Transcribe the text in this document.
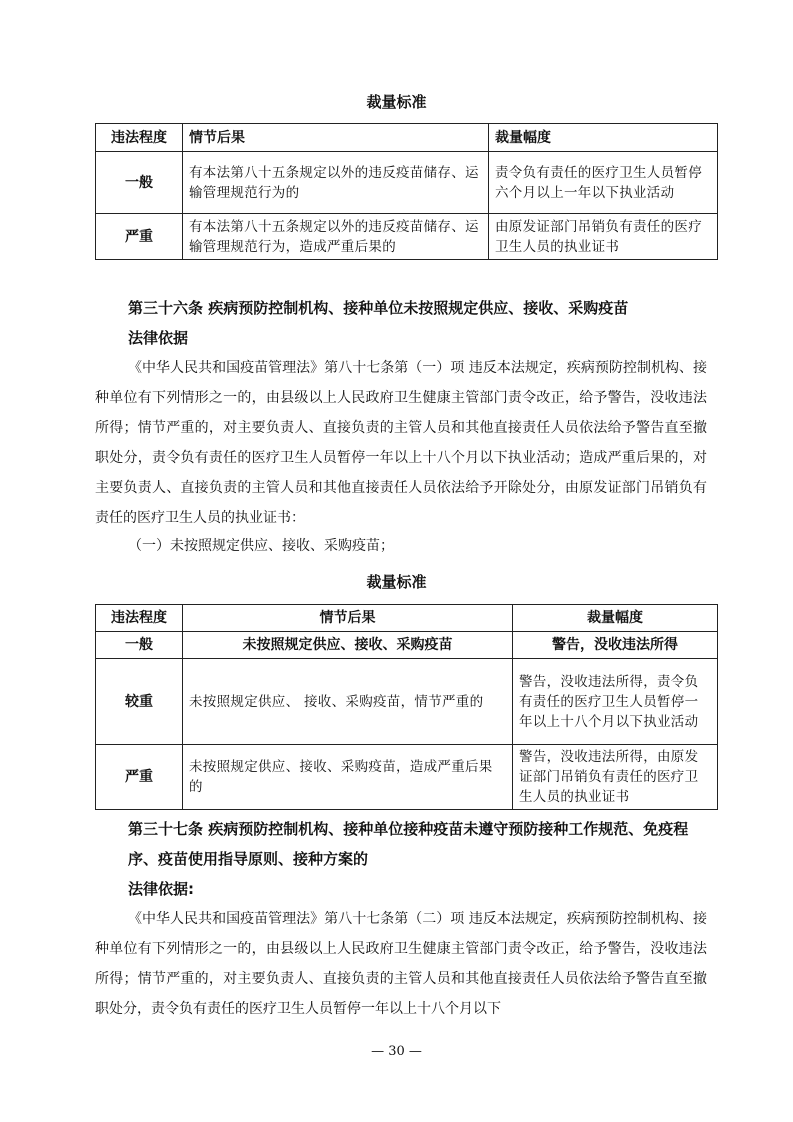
裁量标准
违法程度	情节后果	裁量幅度
一般	有本法第八十五条规定以外的违反疫苗储存、运输管理规范行为的	责令负有责任的医疗卫生人员暂停六个月以上一年以下执业活动
严重	有本法第八十五条规定以外的违反疫苗储存、运输管理规范行为，造成严重后果的	由原发证部门吊销负有责任的医疗卫生人员的执业证书
第三十六条 疾病预防控制机构、接种单位未按照规定供应、接收、采购疫苗
法律依据

《中华人民共和国疫苗管理法》第八十七条第（一）项 违反本法规定，疾病预防控制机构、接种单位有下列情形之一的，由县级以上人民政府卫生健康主管部门责令改正，给予警告，没收违法所得；情节严重的，对主要负责人、直接负责的主管人员和其他直接责任人员依法给予警告直至撤职处分，责令负有责任的医疗卫生人员暂停一年以上十八个月以下执业活动；造成严重后果的，对主要负责人、直接负责的主管人员和其他直接责任人员依法给予开除处分，由原发证部门吊销负有责任的医疗卫生人员的执业证书：

（一）未按照规定供应、接收、采购疫苗；
裁量标准
违法程度	情节后果	裁量幅度
一般	未按照规定供应、接收、采购疫苗	警告，没收违法所得
较重	未按照规定供应、 接收、采购疫苗，情节严重的	警告，没收违法所得，责令负有责任的医疗卫生人员暂停一年以上十八个月以下执业活动
严重	未按照规定供应、接收、采购疫苗，造成严重后果的	警告，没收违法所得，由原发证部门吊销负有责任的医疗卫生人员的执业证书
第三十七条 疾病预防控制机构、接种单位接种疫苗未遵守预防接种工作规范、免疫程序、疫苗使用指导原则、接种方案的
法律依据:

《中华人民共和国疫苗管理法》第八十七条第（二）项 违反本法规定，疾病预防控制机构、接种单位有下列情形之一的，由县级以上人民政府卫生健康主管部门责令改正，给予警告，没收违法所得；情节严重的，对主要负责人、直接负责的主管人员和其他直接责任人员依法给予警告直至撤职处分，责令负有责任的医疗卫生人员暂停一年以上十八个月以下

— 30 —
